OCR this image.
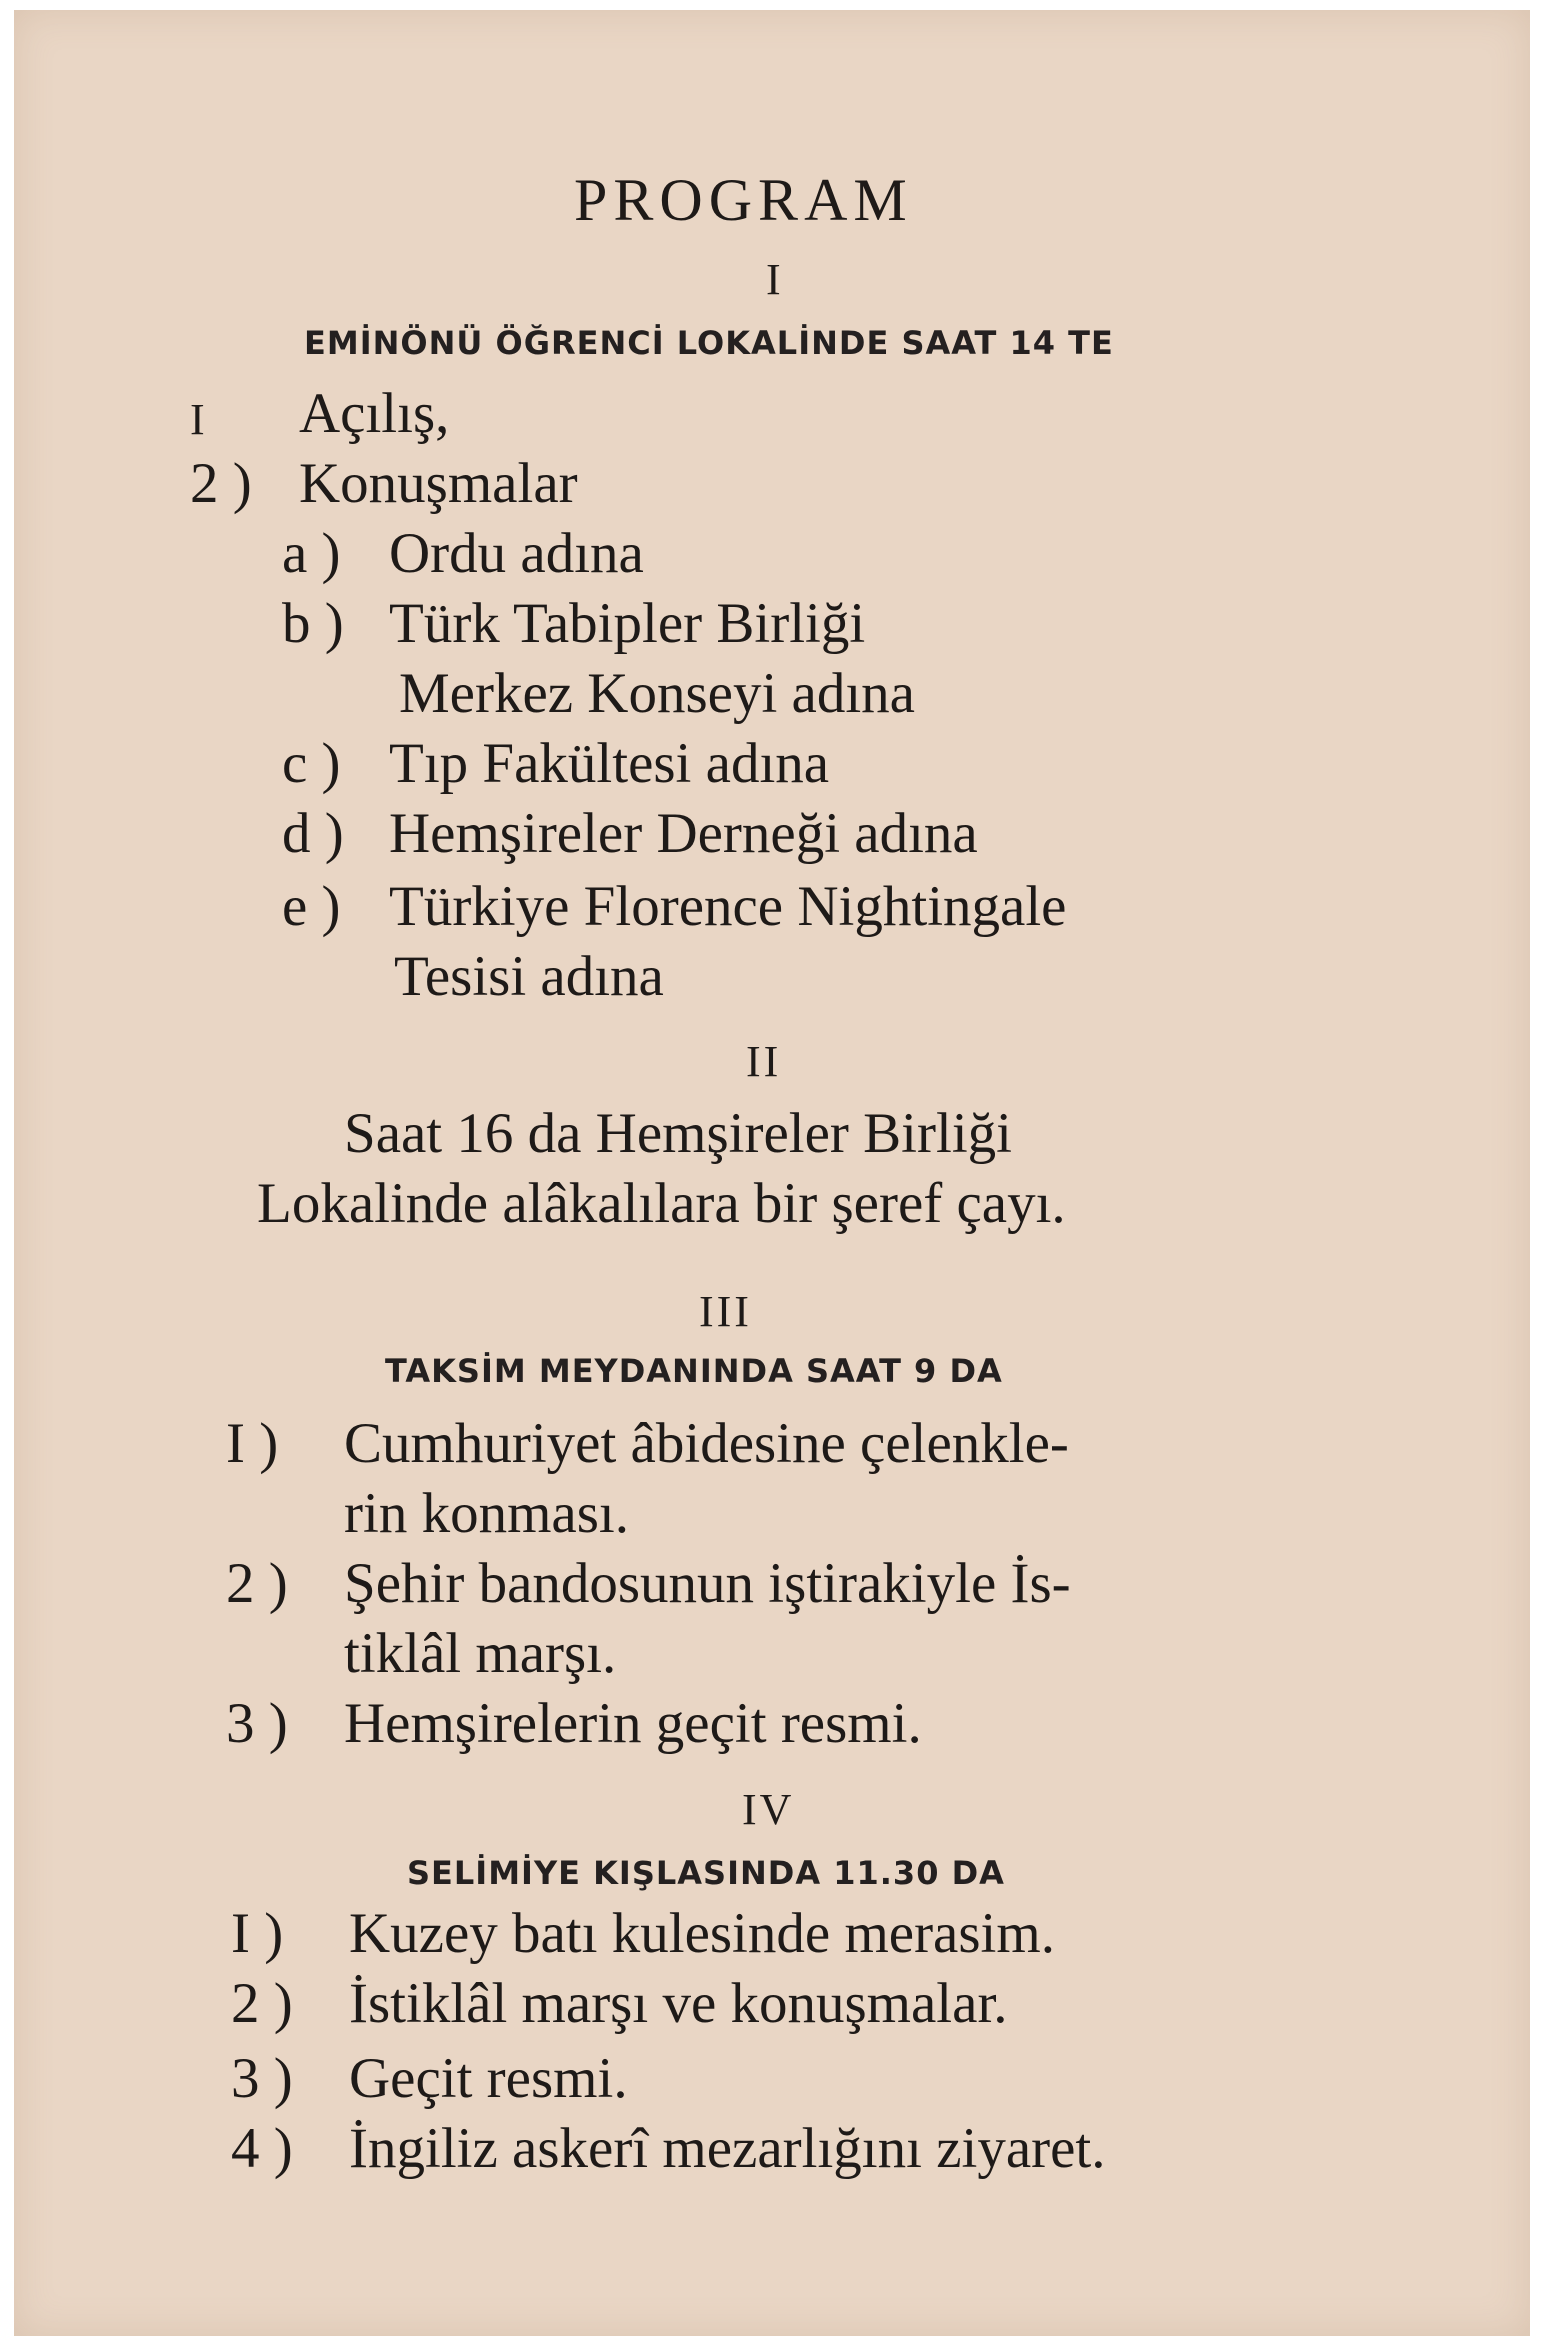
PROGRAM

I

EMİNÖNÜ ÖĞRENCİ LOKALİNDE SAAT 14 TE

I Açılış,

2 ) Konuşmalar

a ) Ordu adına

b ) Türk Tabipler Birliği

Merkez Konseyi adına

c ) Tıp Fakültesi adına

d ) Hemşireler Derneği adına

e ) Türkiye Florence Nightingale

Tesisi adına

II

Saat 16 da Hemşireler Birliği

Lokalinde alâkalılara bir şeref çayı.

III

TAKSİM MEYDANINDA SAAT 9 DA

I ) Cumhuriyet âbidesine çelenkle-

rin konması.

2 ) Şehir bandosunun iştirakiyle İs-

tiklâl marşı.

3 ) Hemşirelerin geçit resmi.

IV

SELİMİYE KIŞLASINDA 11.30 DA

I ) Kuzey batı kulesinde merasim.

2 ) İstiklâl marşı ve konuşmalar.

3 ) Geçit resmi.

4 ) İngiliz askerî mezarlığını ziyaret.
